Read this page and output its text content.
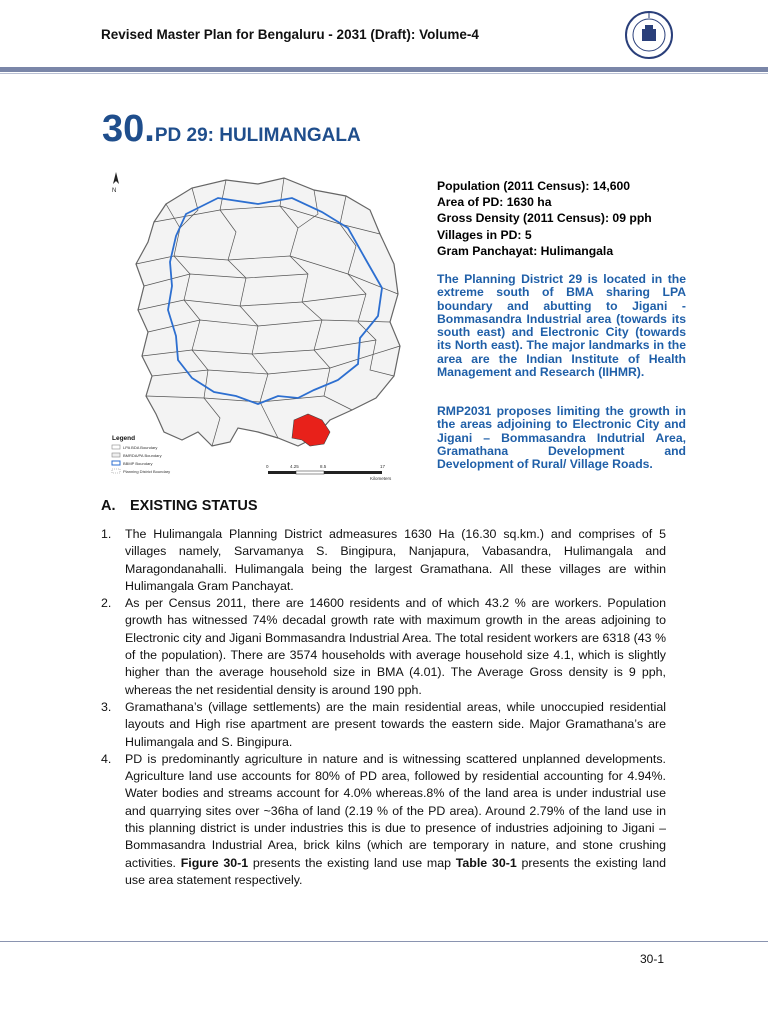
Revised Master Plan for Bengaluru - 2031 (Draft): Volume-4
30.PD 29: HULIMANGALA
N
Legend
LPA BDA Boundary
BMRDA/PA Boundary
BBMP Boundary
Planning District Boundary
0	4.25	8.5	17
Kilometers
Population (2011 Census): 14,600
Area of PD: 1630 ha
Gross Density (2011 Census): 09 pph
Villages in PD: 5
Gram Panchayat: Hulimangala
The Planning District 29 is located in the extreme south of BMA sharing LPA boundary and abutting to Jigani - Bommasandra Industrial area (towards its south east) and Electronic City (towards its North east). The major landmarks in the area are the Indian Institute of Health Management and Research (IIHMR).
RMP2031 proposes limiting the growth in the areas adjoining to Electronic City and Jigani – Bommasandra Indutrial Area, Gramathana Development and Development of Rural/ Village Roads.
A. EXISTING STATUS
1. The Hulimangala Planning District admeasures 1630 Ha (16.30 sq.km.) and comprises of 5 villages namely, Sarvamanya S. Bingipura, Nanjapura, Vabasandra, Hulimangala and Maragondanahalli. Hulimangala being the largest Gramathana. All these villages are within Hulimangala Gram Panchayat.
2. As per Census 2011, there are 14600 residents and of which 43.2 % are workers. Population growth has witnessed 74% decadal growth rate with maximum growth in the areas adjoining to Electronic city and Jigani Bommasandra Industrial Area. The total resident workers are 6318 (43 % of the population). There are 3574 households with average household size 4.1, which is slightly higher than the average household size in BMA (4.01). The Average Gross density is 9 pph, whereas the net residential density is around 190 pph.
3. Gramathana’s (village settlements) are the main residential areas, while unoccupied residential layouts and High rise apartment are present towards the eastern side. Major Gramathana’s are Hulimangala and S. Bingipura.
4. PD is predominantly agriculture in nature and is witnessing scattered unplanned developments. Agriculture land use accounts for 80% of PD area, followed by residential accounting for 4.94%. Water bodies and streams account for 4.0% whereas.8% of the land area is under industrial use and quarrying sites over ~36ha of land (2.19 % of the PD area). Around 2.79% of the land use in this planning district is under industries this is due to presence of industries adjoining to Jigani – Bommasandra Industrial Area, brick kilns (which are temporary in nature, and stone crushing activities. Figure 30-1 presents the existing land use map Table 30-1 presents the existing land use area statement respectively.
30-1
